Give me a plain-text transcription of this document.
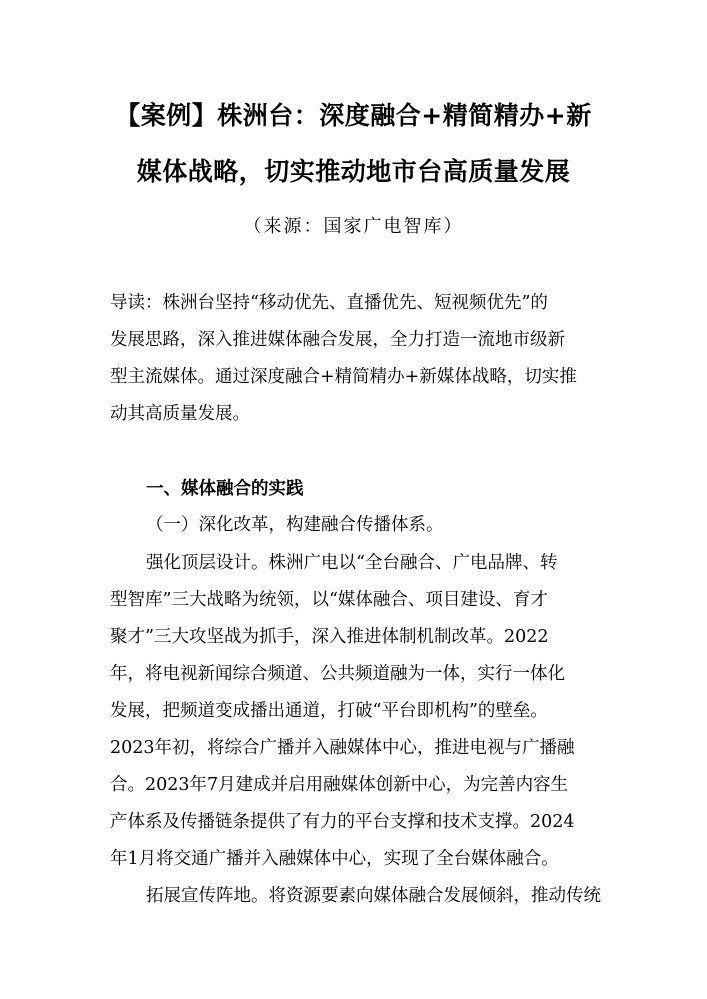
【案例】株洲台：深度融合+精简精办+新
媒体战略，切实推动地市台高质量发展
（来源：国家广电智库）
导读：株洲台坚持“移动优先、直播优先、短视频优先”的
发展思路，深入推进媒体融合发展，全力打造一流地市级新
型主流媒体。通过深度融合+精简精办+新媒体战略，切实推
动其高质量发展。
一、媒体融合的实践
（一）深化改革，构建融合传播体系。
强化顶层设计。株洲广电以“全台融合、广电品牌、转
型智库”三大战略为统领，以“媒体融合、项目建设、育才
聚才”三大攻坚战为抓手，深入推进体制机制改革。2022
年，将电视新闻综合频道、公共频道融为一体，实行一体化
发展，把频道变成播出通道，打破“平台即机构”的壁垒。
2023年初，将综合广播并入融媒体中心，推进电视与广播融
合。2023年7月建成并启用融媒体创新中心，为完善内容生
产体系及传播链条提供了有力的平台支撑和技术支撑。2024
年1月将交通广播并入融媒体中心，实现了全台媒体融合。
拓展宣传阵地。将资源要素向媒体融合发展倾斜，推动传统
